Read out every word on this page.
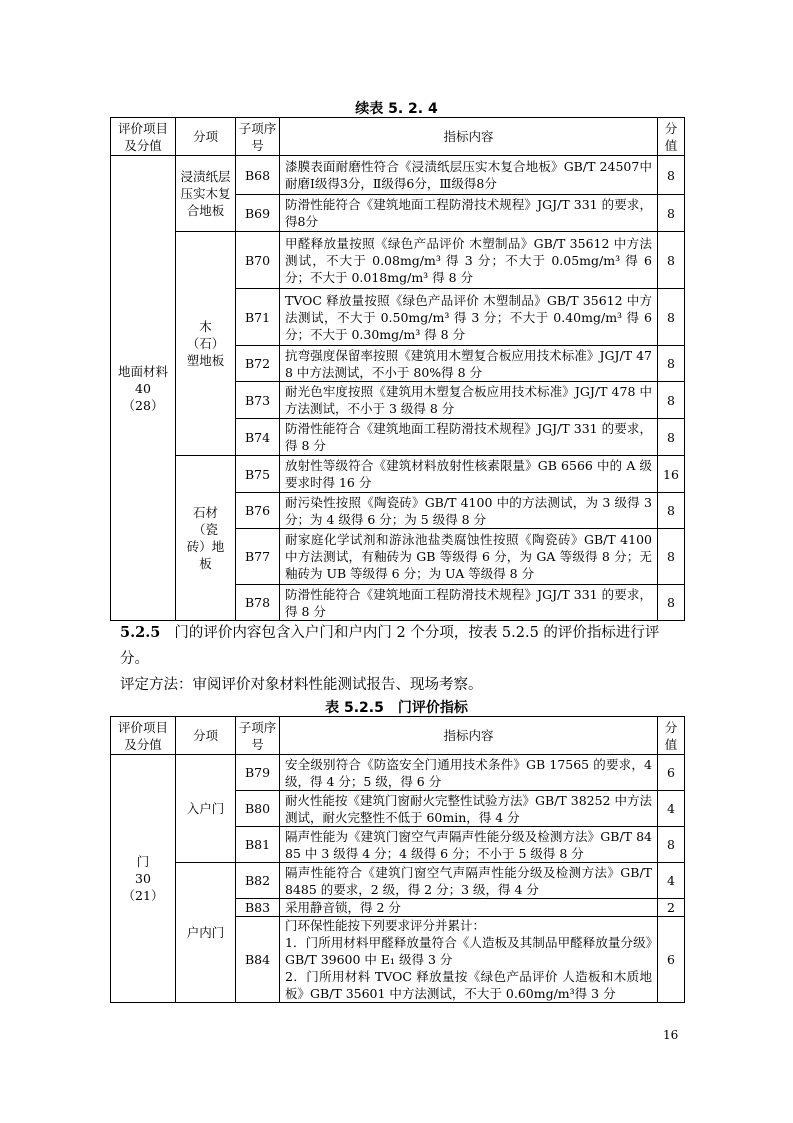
续表 5. 2. 4
评价项目及分值	分项	子项序号	指标内容	分值
地面材料
40
（28）	浸渍纸层压实木复合地板	B68	漆膜表面耐磨性符合《浸渍纸层压实木复合地板》GB/T 24507中耐磨Ⅰ级得3分，Ⅱ级得6分，Ⅲ级得8分	8
		B69	防滑性能符合《建筑地面工程防滑技术规程》JGJ/T 331 的要求，得8分	8
	木
（石）
塑地板	B70	甲醛释放量按照《绿色产品评价 木塑制品》GB/T 35612 中方法测试，不大于 0.08mg/m³ 得 3 分；不大于 0.05mg/m³ 得 6分；不大于 0.018mg/m³ 得 8 分	8
		B71	TVOC 释放量按照《绿色产品评价 木塑制品》GB/T 35612 中方法测试，不大于 0.50mg/m³ 得 3 分；不大于 0.40mg/m³ 得 6分；不大于 0.30mg/m³ 得 8 分	8
		B72	抗弯强度保留率按照《建筑用木塑复合板应用技术标准》JGJ/T 478 中方法测试，不小于 80%得 8 分	8
		B73	耐光色牢度按照《建筑用木塑复合板应用技术标准》JGJ/T 478 中方法测试，不小于 3 级得 8 分	8
		B74	防滑性能符合《建筑地面工程防滑技术规程》JGJ/T 331 的要求，得 8 分	8
	石材
（瓷
砖）地
板	B75	放射性等级符合《建筑材料放射性核素限量》GB 6566 中的 A 级要求时得 16 分	16
		B76	耐污染性按照《陶瓷砖》GB/T 4100 中的方法测试，为 3 级得 3 分；为 4 级得 6 分；为 5 级得 8 分	8
		B77	耐家庭化学试剂和游泳池盐类腐蚀性按照《陶瓷砖》GB/T 4100 中方法测试，有釉砖为 GB 等级得 6 分，为 GA 等级得 8 分；无釉砖为 UB 等级得 6 分；为 UA 等级得 8 分	8
		B78	防滑性能符合《建筑地面工程防滑技术规程》JGJ/T 331 的要求，得 8 分	8
5.2.5 门的评价内容包含入户门和户内门 2 个分项，按表 5.2.5 的评价指标进行评分。
评定方法：审阅评价对象材料性能测试报告、现场考察。
表 5.2.5　门评价指标
评价项目及分值	分项	子项序号	指标内容	分值
门
30
（21）	入户门	B79	安全级别符合《防盗安全门通用技术条件》GB 17565 的要求，4 级，得 4 分；5 级，得 6 分	6
		B80	耐火性能按《建筑门窗耐火完整性试验方法》GB/T 38252 中方法测试，耐火完整性不低于 60min，得 4 分	4
		B81	隔声性能为《建筑门窗空气声隔声性能分级及检测方法》GB/T 8485 中 3 级得 4 分；4 级得 6 分；不小于 5 级得 8 分	8
	户内门	B82	隔声性能符合《建筑门窗空气声隔声性能分级及检测方法》GB/T 8485 的要求，2 级，得 2 分；3 级，得 4 分	4
		B83	采用静音锁，得 2 分	2
		B84	门环保性能按下列要求评分并累计：
1．门所用材料甲醛释放量符合《人造板及其制品甲醛释放量分级》GB/T 39600 中 E₁ 级得 3 分
2．门所用材料 TVOC 释放量按《绿色产品评价 人造板和木质地板》GB/T 35601 中方法测试，不大于 0.60mg/m³得 3 分	6
16
